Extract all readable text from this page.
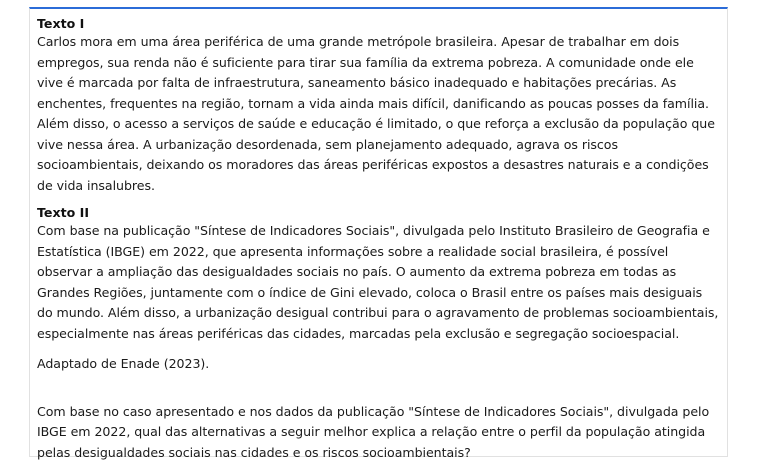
Texto I

Carlos mora em uma área periférica de uma grande metrópole brasileira. Apesar de trabalhar em dois empregos, sua renda não é suficiente para tirar sua família da extrema pobreza. A comunidade onde ele vive é marcada por falta de infraestrutura, saneamento básico inadequado e habitações precárias. As enchentes, frequentes na região, tornam a vida ainda mais difícil, danificando as poucas posses da família. Além disso, o acesso a serviços de saúde e educação é limitado, o que reforça a exclusão da população que vive nessa área. A urbanização desordenada, sem planejamento adequado, agrava os riscos socioambientais, deixando os moradores das áreas periféricas expostos a desastres naturais e a condições de vida insalubres.

Texto II

Com base na publicação "Síntese de Indicadores Sociais", divulgada pelo Instituto Brasileiro de Geografia e Estatística (IBGE) em 2022, que apresenta informações sobre a realidade social brasileira, é possível observar a ampliação das desigualdades sociais no país. O aumento da extrema pobreza em todas as Grandes Regiões, juntamente com o índice de Gini elevado, coloca o Brasil entre os países mais desiguais do mundo. Além disso, a urbanização desigual contribui para o agravamento de problemas socioambientais, especialmente nas áreas periféricas das cidades, marcadas pela exclusão e segregação socioespacial.

Adaptado de Enade (2023).

Com base no caso apresentado e nos dados da publicação "Síntese de Indicadores Sociais", divulgada pelo IBGE em 2022, qual das alternativas a seguir melhor explica a relação entre o perfil da população atingida pelas desigualdades sociais nas cidades e os riscos socioambientais?
